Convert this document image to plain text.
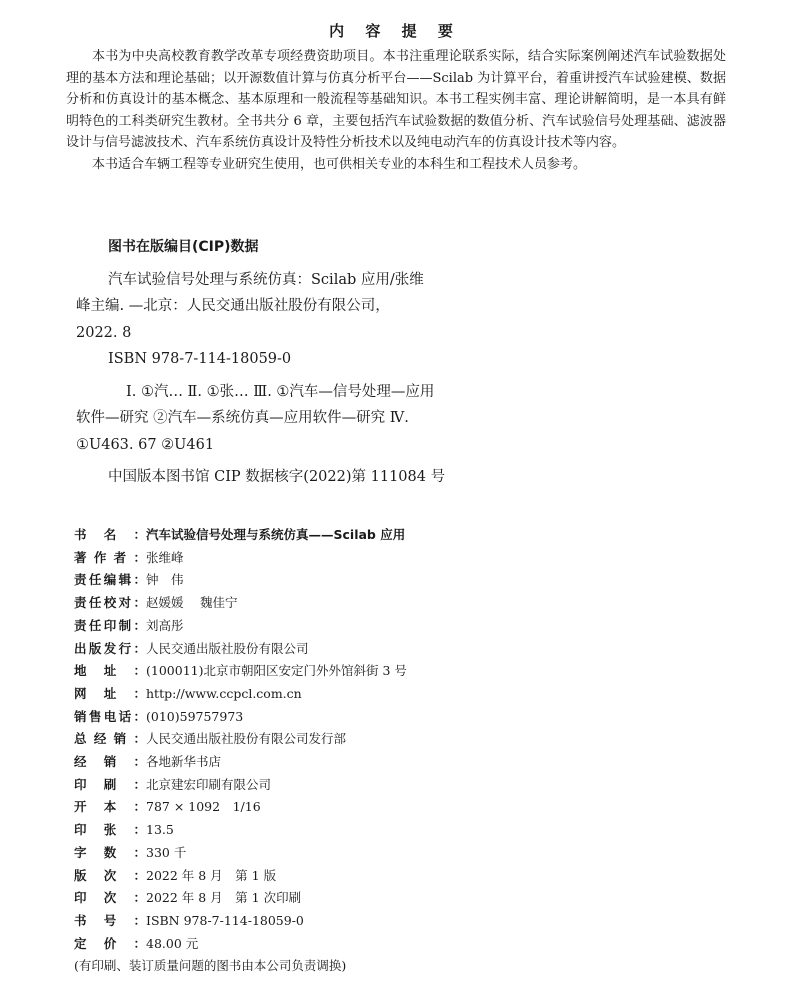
内 容 提 要

本书为中央高校教育教学改革专项经费资助项目。本书注重理论联系实际，结合实际案例阐述汽车试验数据处理的基本方法和理论基础；以开源数值计算与仿真分析平台——Scilab 为计算平台，着重讲授汽车试验建模、数据分析和仿真设计的基本概念、基本原理和一般流程等基础知识。本书工程实例丰富、理论讲解简明，是一本具有鲜明特色的工科类研究生教材。全书共分 6 章，主要包括汽车试验数据的数值分析、汽车试验信号处理基础、滤波器设计与信号滤波技术、汽车系统仿真设计及特性分析技术以及纯电动汽车的仿真设计技术等内容。

本书适合车辆工程等专业研究生使用，也可供相关专业的本科生和工程技术人员参考。

图书在版编目(CIP)数据
汽车试验信号处理与系统仿真：Scilab 应用/张维
峰主编. —北京：人民交通出版社股份有限公司，
2022. 8
ISBN 978-7-114-18059-0
Ⅰ. ①汽… Ⅱ. ①张… Ⅲ. ①汽车—信号处理—应用
软件—研究 ②汽车—系统仿真—应用软件—研究 Ⅳ.
①U463. 67 ②U461
中国版本图书馆 CIP 数据核字(2022)第 111084 号
书 名 ： 汽车试验信号处理与系统仿真——Scilab 应用
著 作 者 ： 张维峰
责 任 编 辑 ： 钟　伟
责 任 校 对 ： 赵媛媛　 魏佳宁
责 任 印 制 ： 刘高彤
出 版 发 行 ： 人民交通出版社股份有限公司
地 址 ： (100011)北京市朝阳区安定门外外馆斜街 3 号
网 址 ： http://www.ccpcl.com.cn
销 售 电 话 ： (010)59757973
总 经 销 ： 人民交通出版社股份有限公司发行部
经 销 ： 各地新华书店
印 刷 ： 北京建宏印刷有限公司
开 本 ： 787 × 1092　1/16
印 张 ： 13.5
字 数 ： 330 千
版 次 ： 2022 年 8 月　第 1 版
印 次 ： 2022 年 8 月　第 1 次印刷
书 号 ： ISBN 978-7-114-18059-0
定 价 ： 48.00 元
(有印刷、装订质量问题的图书由本公司负责调换)
